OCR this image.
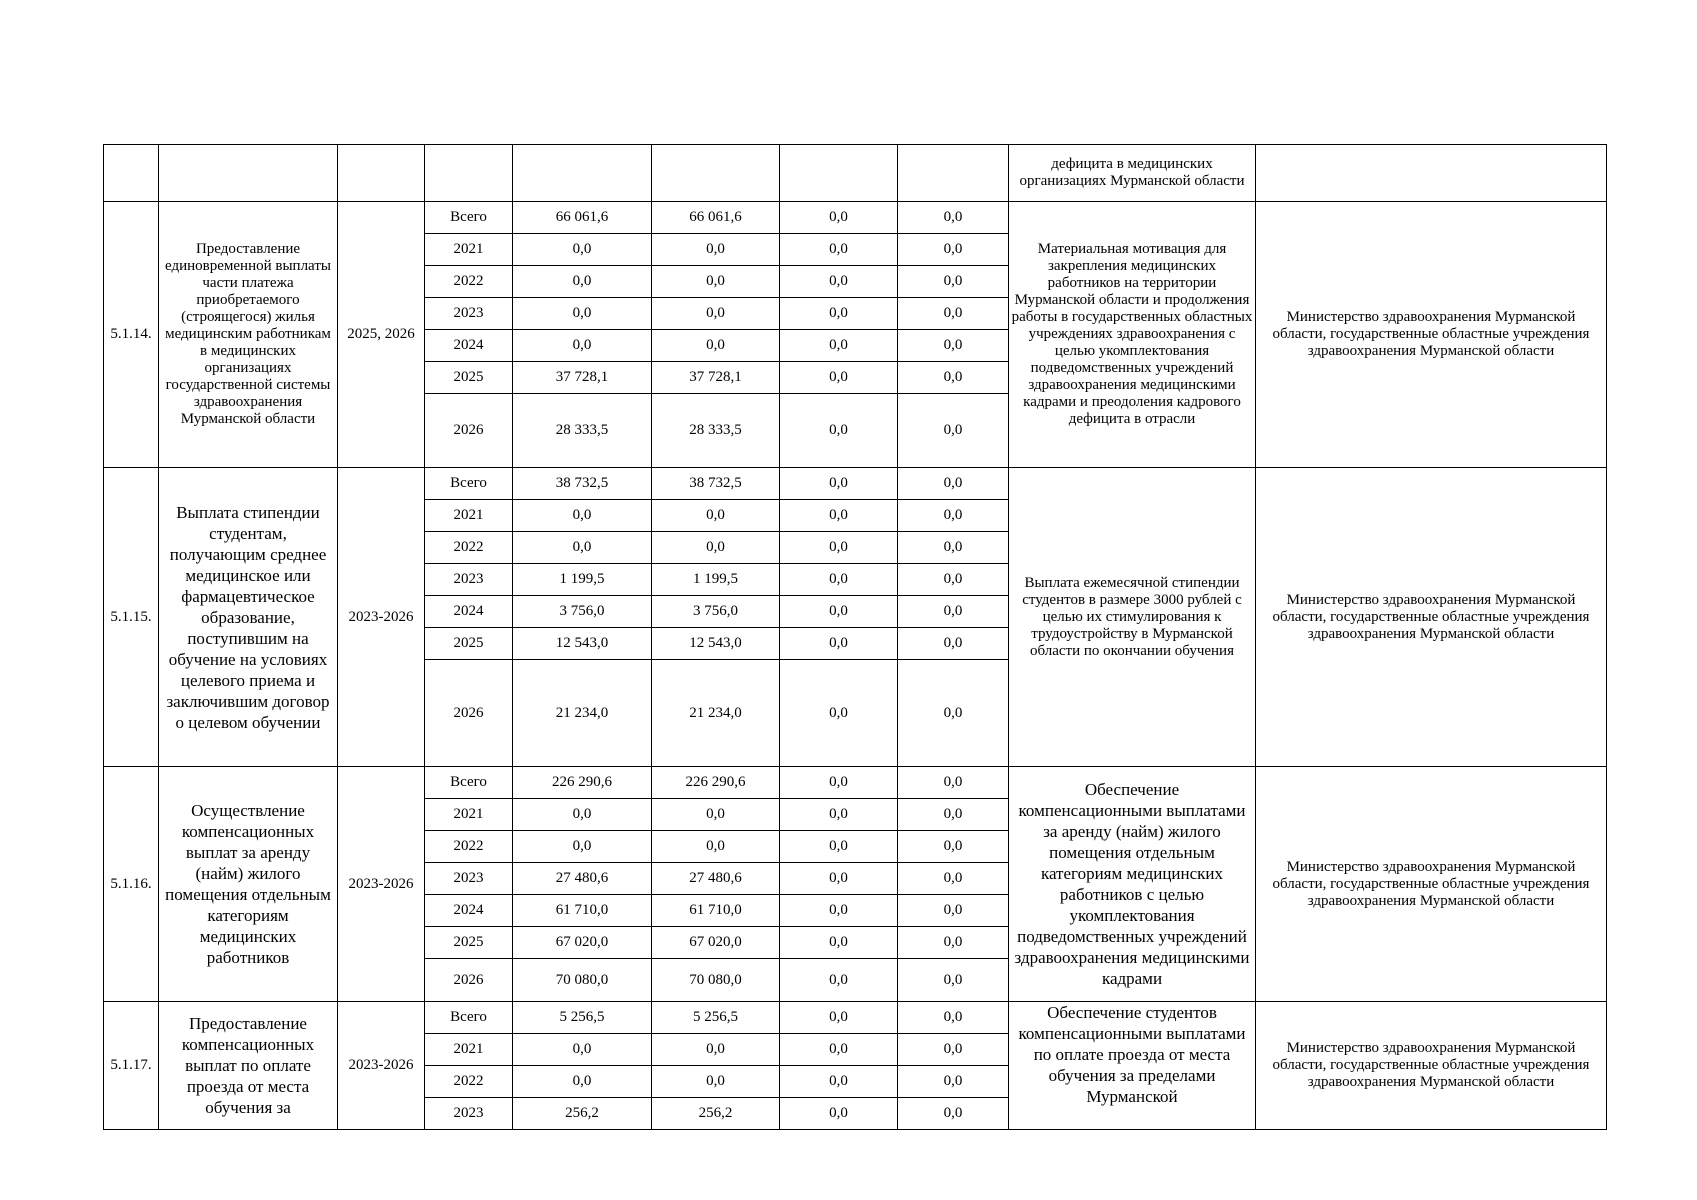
								дефицита в медицинских организациях Мурманской области	
5.1.14.	Предоставление единовременной выплаты части платежа приобретаемого (строящегося) жилья медицинским работникам в медицинских организациях государственной системы здравоохранения Мурманской области	2025, 2026	Всего	66 061,6	66 061,6	0,0	0,0	Материальная мотивация для закрепления медицинских работников на территории Мурманской области и продолжения работы в государственных областных учреждениях здравоохранения с целью укомплектования подведомственных учреждений здравоохранения медицинскими кадрами и преодоления кадрового дефицита в отрасли	Министерство здравоохранения Мурманской области, государственные областные учреждения здравоохранения Мурманской области
			2021	0,0	0,0	0,0	0,0		
			2022	0,0	0,0	0,0	0,0		
			2023	0,0	0,0	0,0	0,0		
			2024	0,0	0,0	0,0	0,0		
			2025	37 728,1	37 728,1	0,0	0,0		
			2026	28 333,5	28 333,5	0,0	0,0		
5.1.15.	Выплата стипендии студентам, получающим среднее медицинское или фармацевтическое образование, поступившим на обучение на условиях целевого приема и заключившим договор о целевом обучении	2023-2026	Всего	38 732,5	38 732,5	0,0	0,0	Выплата ежемесячной стипендии студентов в размере 3000 рублей с целью их стимулирования к трудоустройству в Мурманской области по окончании обучения	Министерство здравоохранения Мурманской области, государственные областные учреждения здравоохранения Мурманской области
			2021	0,0	0,0	0,0	0,0		
			2022	0,0	0,0	0,0	0,0		
			2023	1 199,5	1 199,5	0,0	0,0		
			2024	3 756,0	3 756,0	0,0	0,0		
			2025	12 543,0	12 543,0	0,0	0,0		
			2026	21 234,0	21 234,0	0,0	0,0		
5.1.16.	Осуществление компенсационных выплат за аренду (найм) жилого помещения отдельным категориям медицинских работников	2023-2026	Всего	226 290,6	226 290,6	0,0	0,0	Обеспечение компенсационными выплатами за аренду (найм) жилого помещения отдельным категориям медицинских работников с целью укомплектования подведомственных учреждений здравоохранения медицинскими кадрами	Министерство здравоохранения Мурманской области, государственные областные учреждения здравоохранения Мурманской области
			2021	0,0	0,0	0,0	0,0		
			2022	0,0	0,0	0,0	0,0		
			2023	27 480,6	27 480,6	0,0	0,0		
			2024	61 710,0	61 710,0	0,0	0,0		
			2025	67 020,0	67 020,0	0,0	0,0		
			2026	70 080,0	70 080,0	0,0	0,0		
5.1.17.	Предоставление компенсационных выплат по оплате проезда от места обучения за	2023-2026	Всего	5 256,5	5 256,5	0,0	0,0	Обеспечение студентов компенсационными выплатами по оплате проезда от места обучения за пределами Мурманской	Министерство здравоохранения Мурманской области, государственные областные учреждения здравоохранения Мурманской области
			2021	0,0	0,0	0,0	0,0		
			2022	0,0	0,0	0,0	0,0		
			2023	256,2	256,2	0,0	0,0		
